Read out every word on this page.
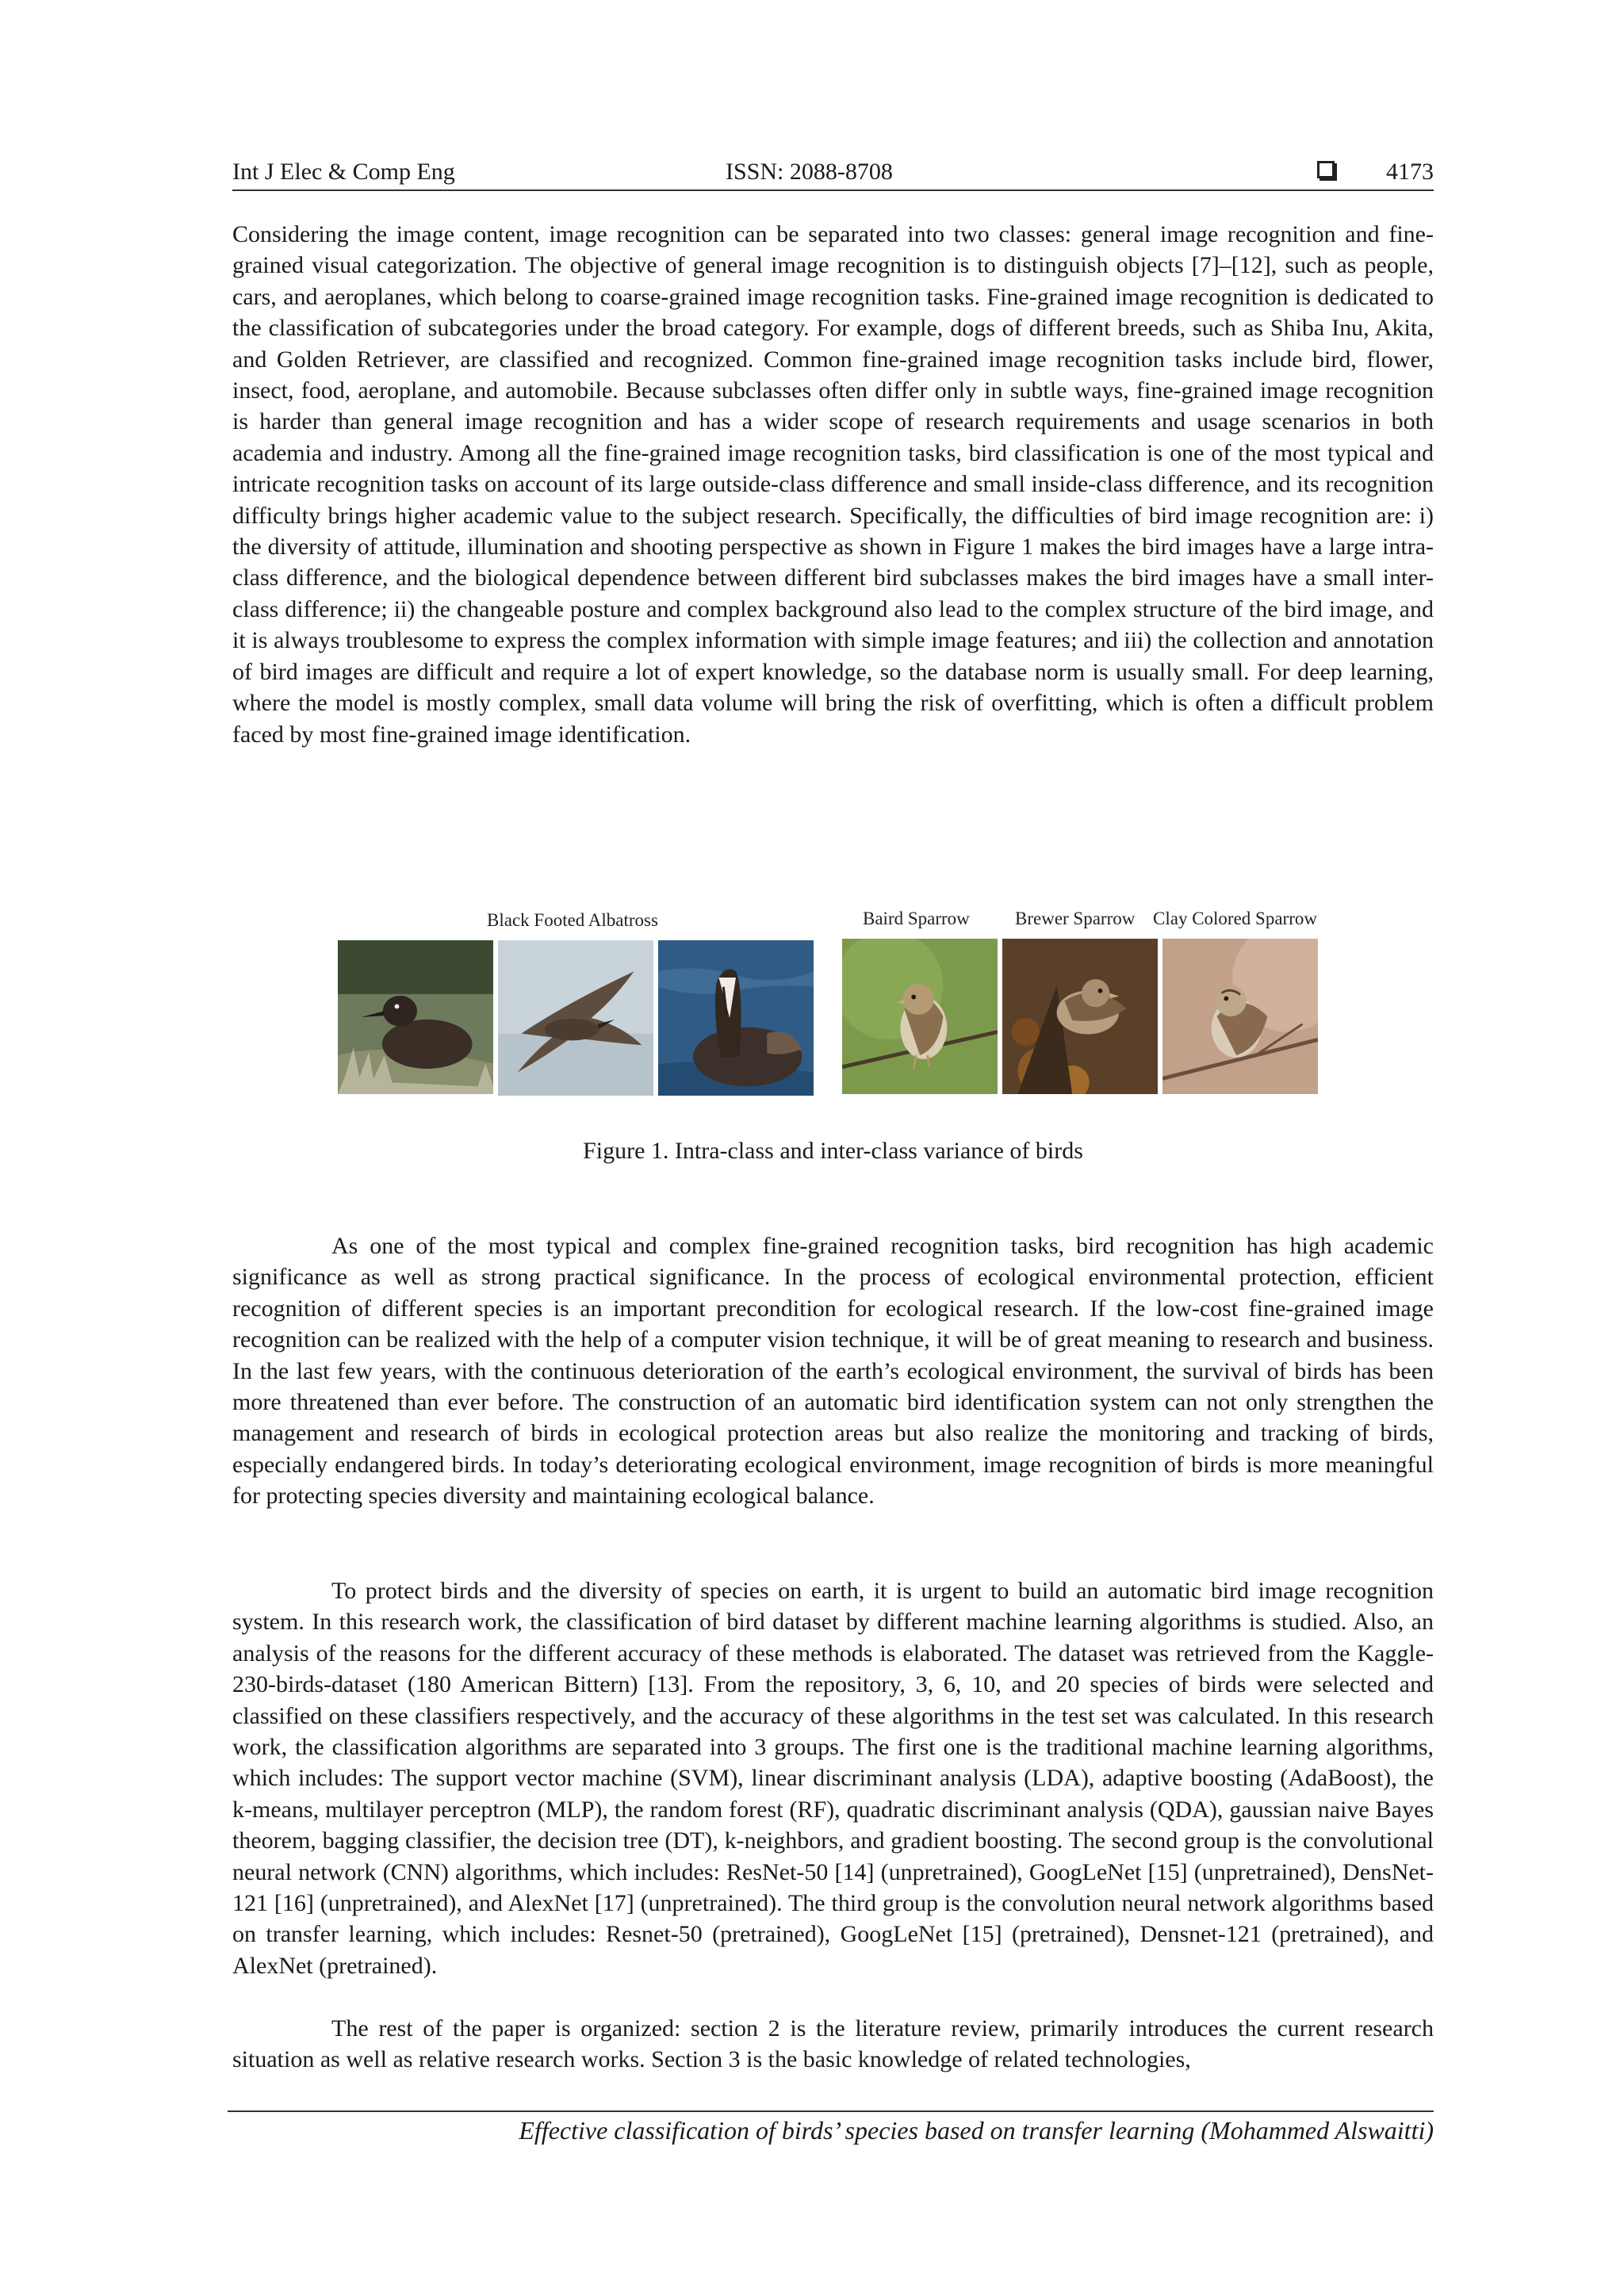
Int J Elec & Comp Eng	ISSN: 2088-8708	4173

Considering the image content, image recognition can be separated into two classes: general image recognition and fine-grained visual categorization. The objective of general image recognition is to distinguish objects [7]–[12], such as people, cars, and aeroplanes, which belong to coarse-grained image recognition tasks. Fine-grained image recognition is dedicated to the classification of subcategories under the broad category. For example, dogs of different breeds, such as Shiba Inu, Akita, and Golden Retriever, are classified and recognized. Common fine-grained image recognition tasks include bird, flower, insect, food, aeroplane, and automobile. Because subclasses often differ only in subtle ways, fine-grained image recognition is harder than general image recognition and has a wider scope of research requirements and usage scenarios in both academia and industry. Among all the fine-grained image recognition tasks, bird classification is one of the most typical and intricate recognition tasks on account of its large outside-class difference and small inside-class difference, and its recognition difficulty brings higher academic value to the subject research. Specifically, the difficulties of bird image recognition are: i) the diversity of attitude, illumination and shooting perspective as shown in Figure 1 makes the bird images have a large intra-class difference, and the biological dependence between different bird subclasses makes the bird images have a small inter-class difference; ii) the changeable posture and complex background also lead to the complex structure of the bird image, and it is always troublesome to express the complex information with simple image features; and iii) the collection and annotation of bird images are difficult and require a lot of expert knowledge, so the database norm is usually small. For deep learning, where the model is mostly complex, small data volume will bring the risk of overfitting, which is often a difficult problem faced by most fine-grained image identification.

Black Footed Albatross	Baird Sparrow Brewer Sparrow Clay Colored Sparrow
Figure 1. Intra-class and inter-class variance of birds

As one of the most typical and complex fine-grained recognition tasks, bird recognition has high academic significance as well as strong practical significance. In the process of ecological environmental protection, efficient recognition of different species is an important precondition for ecological research. If the low-cost fine-grained image recognition can be realized with the help of a computer vision technique, it will be of great meaning to research and business. In the last few years, with the continuous deterioration of the earth’s ecological environment, the survival of birds has been more threatened than ever before. The construction of an automatic bird identification system can not only strengthen the management and research of birds in ecological protection areas but also realize the monitoring and tracking of birds, especially endangered birds. In today’s deteriorating ecological environment, image recognition of birds is more meaningful for protecting species diversity and maintaining ecological balance.

To protect birds and the diversity of species on earth, it is urgent to build an automatic bird image recognition system. In this research work, the classification of bird dataset by different machine learning algorithms is studied. Also, an analysis of the reasons for the different accuracy of these methods is elaborated. The dataset was retrieved from the Kaggle-230-birds-dataset (180 American Bittern) [13]. From the repository, 3, 6, 10, and 20 species of birds were selected and classified on these classifiers respectively, and the accuracy of these algorithms in the test set was calculated. In this research work, the classification algorithms are separated into 3 groups. The first one is the traditional machine learning algorithms, which includes: The support vector machine (SVM), linear discriminant analysis (LDA), adaptive boosting (AdaBoost), the k-means, multilayer perceptron (MLP), the random forest (RF), quadratic discriminant analysis (QDA), gaussian naive Bayes theorem, bagging classifier, the decision tree (DT), k-neighbors, and gradient boosting. The second group is the convolutional neural network (CNN) algorithms, which includes: ResNet-50 [14] (unpretrained), GoogLeNet [15] (unpretrained), DensNet-121 [16] (unpretrained), and AlexNet [17] (unpretrained). The third group is the convolution neural network algorithms based on transfer learning, which includes: Resnet-50 (pretrained), GoogLeNet [15] (pretrained), Densnet-121 (pretrained), and AlexNet (pretrained).

The rest of the paper is organized: section 2 is the literature review, primarily introduces the current research situation as well as relative research works. Section 3 is the basic knowledge of related technologies,

Effective classification of birds’ species based on transfer learning (Mohammed Alswaitti)
